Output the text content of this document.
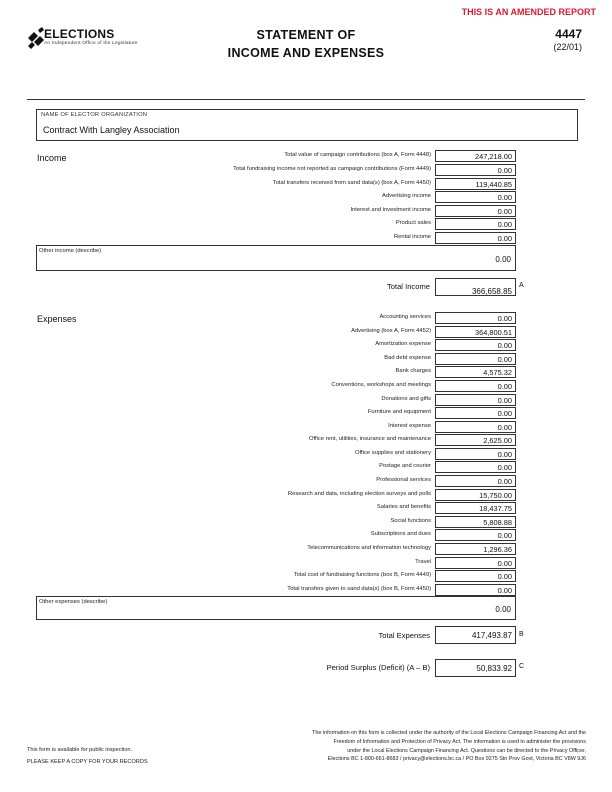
THIS IS AN AMENDED REPORT
ELECTIONS
An Independent Office of the Legislature
STATEMENT OF
INCOME AND EXPENSES
4447
(22/01)
NAME OF ELECTOR ORGANIZATION
Contract With Langley Association
Income	Total value of campaign contributions (box A, Form 4448)	247,218.00
Total fundraising income not reported as campaign contributions (Form 4449)	0.00
Total transfers received from sand data(s) (box A, Form 4450)	119,440.85
Advertising income	0.00
Interest and investment income	0.00
Product sales	0.00
Rental income	0.00
Other income (describe)
0.00
Total Income
366,658.85
A
Expenses	Accounting services	0.00
Advertising (box A, Form 4452)	364,800.51
Amortization expense	0.00
Bad debt expense	0.00
Bank charges	4,575.32
Conventions, workshops and meetings	0.00
Donations and gifts	0.00
Furniture and equipment	0.00
Interest expense	0.00
Office rent, utilities, insurance and maintenance	2,625.00
Office supplies and stationery	0.00
Postage and courier	0.00
Professional services	0.00
Research and data, including election surveys and polls	15,750.00
Salaries and benefits	18,437.75
Social functions	5,808.88
Subscriptions and dues	0.00
Telecommunications and information technology	1,296.36
Travel	0.00
Total cost of fundraising functions (box B, Form 4449)	0.00
Total transfers given to sand data(s) (box B, Form 4450)	0.00
Other expenses (describe)
0.00
Total Expenses	417,493.87	B
Period Surplus (Deficit) (A – B)	50,833.92	C
The information on this form is collected under the authority of the Local Elections Campaign Financing Act and the
Freedom of Information and Protection of Privacy Act. The information is used to administer the provisions
under the Local Elections Campaign Financing Act. Questions can be directed to the Privacy Officer,
Elections BC 1-800-661-8683 / privacy@elections.bc.ca / PO Box 9275 Stn Prov Govt, Victoria BC V8W 9J6
This form is available for public inspection.
PLEASE KEEP A COPY FOR YOUR RECORDS
